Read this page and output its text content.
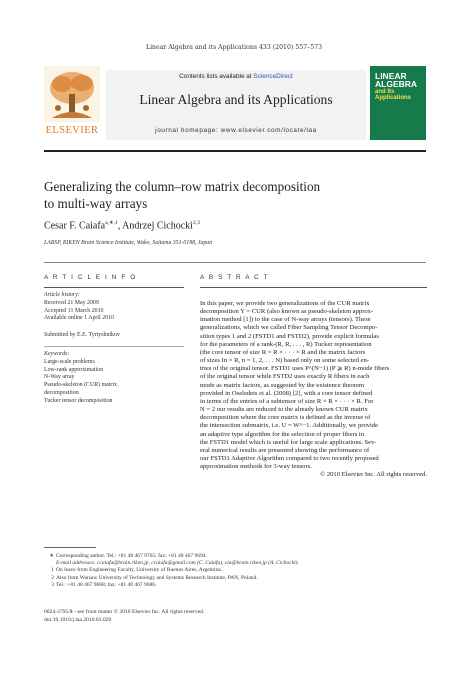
Linear Algebra and its Applications 433 (2010) 557–573
ELSEVIER
Contents lists available at ScienceDirect
Linear Algebra and its Applications
journal homepage: www.elsevier.com/locate/laa
LINEAR
ALGEBRA
and Its
Applications
Generalizing the column–row matrix decomposition
to multi-way arrays
Cesar F. Caiafa$^{a,∗,1}$, Andrzej Cichocki$^{2,3}$
LABSP, RIKEN Brain Science Institute, Wako, Saitama 351-0198, Japan
A R T I C L E I N F O	A B S T R A C T
Article history:
Received 21 May 2009
Accepted 11 March 2010
Available online 1 April 2010
Submitted by E.E. Tyrtyshnikov
Keywords:
Large-scale problems
Low-rank approximation
N-Way array
Pseudo-skeleton (CUR) matrix
decomposition
Tucker tensor decomposition
In this paper, we provide two generalizations of the CUR matrix
decomposition Y = CUR (also known as pseudo-skeleton approx-
imation method [1]) to the case of N-way arrays (tensors). These
generalizations, which we called Fiber Sampling Tensor Decompo-
sition types 1 and 2 (FSTD1 and FSTD2), provide explicit formulas
for the parameters of a rank-(R, R, . . . , R) Tucker representation
(the core tensor of size R × R × · · · × R and the matrix factors
of sizes In × R, n = 1, 2, . . . N) based only on some selected en-
tries of the original tensor. FSTD1 uses P^(N−1) (P ⩾ R) n-mode fibers
of the original tensor while FSTD2 uses exactly R fibers in each
mode as matrix factors, as suggested by the existence theorem
provided in Oseledets et al. (2008) [2], with a core tensor defined
in terms of the entries of a subtensor of size R × R × · · · × R. For
N = 2 our results are reduced to the already known CUR matrix
decomposition where the core matrix is defined as the inverse of
the intersection submatrix, i.e. U = W^−1. Additionally, we provide
an adaptive type algorithm for the selection of proper fibers in
the FSTD1 model which is useful for large scale applications. Sev-
eral numerical results are presented showing the performance of
our FSTD1 Adaptive Algorithm compared to two recently proposed
approximation methods for 3-way tensors.
© 2010 Elsevier Inc. All rights reserved.
∗ Corresponding author. Tel.: +81 48 467 9765; fax: +81 48 467 9694.
E-mail addresses: ccaiafa@brain.riken.jp, ccaiafa@gmail.com (C. Caiafa), cia@brain.riken.jp (A. Cichocki).
1 On leave from Engineering Faculty, University of Buenos Aires, Argentina.
2 Also from Warsaw University of Technology and Systems Research Institute, PAN, Poland.
3 Tel.: +81 48 467 9668; fax: +81 48 467 9686.
0024-3795/$ - see front matter © 2010 Elsevier Inc. All rights reserved.
doi:10.1016/j.laa.2010.03.020
